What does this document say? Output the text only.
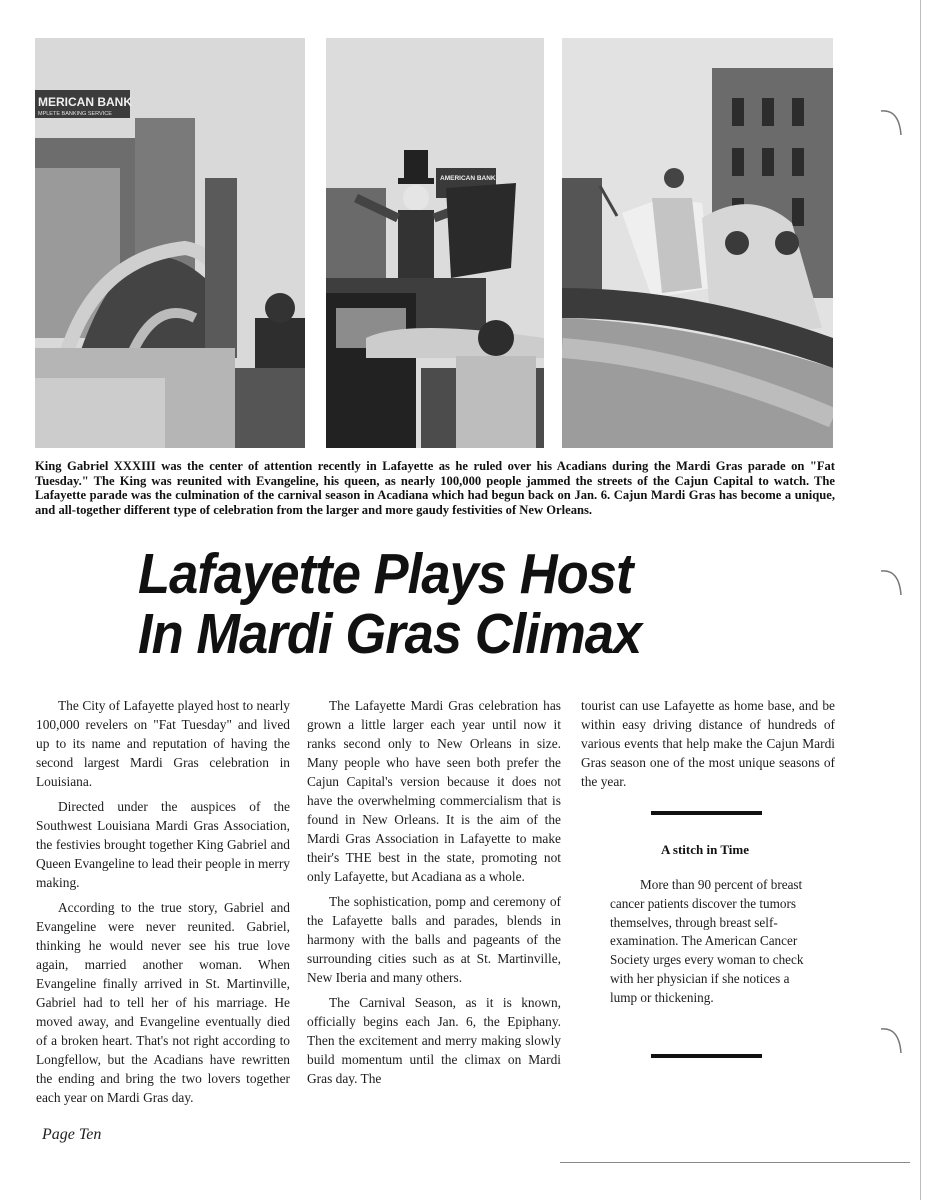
MERICAN BANK
MPLETE BANKING SERVICE
AMERICAN BANK
King Gabriel XXXIII was the center of attention recently in Lafayette as he ruled over his Acadians during the Mardi Gras parade on "Fat Tuesday." The King was reunited with Evangeline, his queen, as nearly 100,000 people jammed the streets of the Cajun Capital to watch. The Lafayette parade was the culmination of the carnival season in Acadiana which had begun back on Jan. 6. Cajun Mardi Gras has become a unique, and all-together different type of celebration from the larger and more gaudy festivities of New Orleans.
Lafayette Plays Host
In Mardi Gras Climax

The City of Lafayette played host to nearly 100,000 revelers on "Fat Tuesday" and lived up to its name and reputation of having the second largest Mardi Gras celebration in Louisiana.

Directed under the auspices of the Southwest Louisiana Mardi Gras Association, the festivies brought together King Gabriel and Queen Evangeline to lead their people in merry making.

According to the true story, Gabriel and Evangeline were never reunited. Gabriel, thinking he would never see his true love again, married another woman. When Evangeline finally arrived in St. Martinville, Gabriel had to tell her of his marriage. He moved away, and Evangeline eventually died of a broken heart. That's not right according to Longfellow, but the Acadians have rewritten the ending and bring the two lovers together each year on Mardi Gras day.

The Lafayette Mardi Gras celebration has grown a little larger each year until now it ranks second only to New Orleans in size. Many people who have seen both prefer the Cajun Capital's version because it does not have the overwhelming commercialism that is found in New Orleans. It is the aim of the Mardi Gras Association in Lafayette to make their's THE best in the state, promoting not only Lafayette, but Acadiana as a whole.

The sophistication, pomp and ceremony of the Lafayette balls and parades, blends in harmony with the balls and pageants of the surrounding cities such as at St. Martinville, New Iberia and many others.

The Carnival Season, as it is known, officially begins each Jan. 6, the Epiphany. Then the excitement and merry making slowly build momentum until the climax on Mardi Gras day. The

tourist can use Lafayette as home base, and be within easy driving distance of hundreds of various events that help make the Cajun Mardi Gras season one of the most unique seasons of the year.

A stitch in Time

More than 90 percent of breast cancer patients discover the tumors themselves, through breast self-examination. The American Cancer Society urges every woman to check with her physician if she notices a lump or thickening.

Page Ten
